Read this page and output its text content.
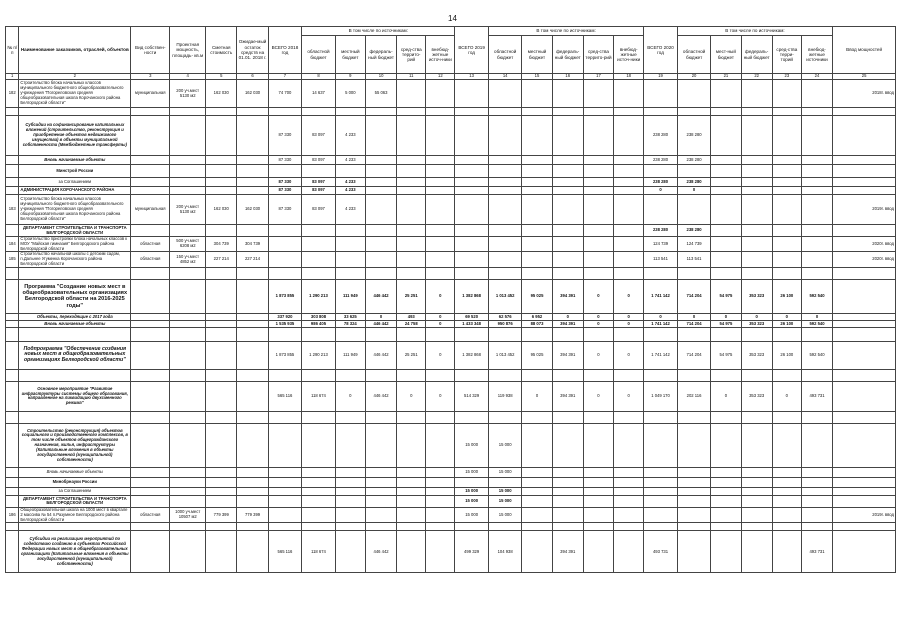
14
№ п/п	Наименование заказчиков, отраслей, объектов	Вид собствен-ности	Проектная мощность, площадь- кв.м	Сметная стоимость	Ожидае-мый остаток средств на 01.01. 2018 г.	ВСЕГО 2018 год	В том числе по источникам:					ВСЕГО 2019 год	В том числе по источникам:					ВСЕГО 2020 год	В том числе по источникам:					Ввод мощностей
							областной бюджет	местный бюджет	федераль-ный бюджет	сред-ства террито-рий	внебюд-жетные источ-ники		областной бюджет	местный бюджет	федераль-ный бюджет	сред-ства террито-рий	внебюд-жетные источ-ники		областной бюджет	мест-ный бюджет	федераль-ный бюджет	сред-ства терри-торий	внебюд-жетные источники	
1	2	3	4	5	6	7	8	9	10	11	12	13	14	15	16	17	18	19	20	21	22	23	24	25
182	Строительство блока начальных классов муниципального бюджетного общеобразовательного учреждения "Погореловская средняя общеобразовательная школа Корочанского района Белгородской области"	муниципальная	200 уч.мест 5130 м2	162 030	162 030	74 700	14 637	5 000	55 063															2018г. ввод

	Субсидии на софинансирование капитальных вложений (строительство, реконструкция и приобретение объектов недвижимого имущества) в объекты муниципальной собственности (Межбюджетные трансферты)					87 330	83 097	4 233										238 280	238 280					
	Вновь начинаемые объекты					87 330	83 097	4 233										238 280	238 280					
	Минстрой России																							
	за Соглашением					87 330	83 097	4 233										238 280	238 280					
	АДМИНИСТРАЦИЯ КОРОЧАНСКОГО РАЙОНА					87 330	83 097	4 233										0	0					
183	Строительство блока начальных классов муниципального бюджетного общеобразовательного учреждения "Погореловская средняя общеобразовательная школа Корочанского района Белгородской области"	муниципальная	200 уч.мест 5130 м2	162 030	162 030	87 330	83 097	4 233																2019г. ввод
	ДЕПАРТАМЕНТ СТРОИТЕЛЬСТВА И ТРАНСПОРТА БЕЛГОРОДСКОЙ ОБЛАСТИ																	238 280	238 280					
184	Строительство пристройки блока начальных классов к МОУ "Майская гимназия" Белгородского района Белгородской области	областная	500 уч.мест 6208 м2	304 739	304 739													124 739	124 739					2020г. ввод
185	Строительство начальной школы с детским садом, п.Дальнее Угуменка Корочанского района Белгородской области	областная	150 уч.мест 4852 м2	227 214	227 214													113 541	113 541					2020г. ввод

	Программа "Создание новых мест в общеобразовательных организациях Белгородской области на 2016-2025 годы"					1 873 855	1 290 213	111 949	446 442	25 251	0	1 382 868	1 013 452	95 025	394 391	0	0	1 741 142	714 204	54 975	353 323	26 100	592 540	
	Объекты, переходящие с 2017 года					337 920	303 808	33 625	0	493	0	69 520	62 576	6 952	0	0	0	0	0	0	0	0	0	
	Вновь начинаемые объекты					1 535 935	986 405	78 324	446 442	24 758	0	1 433 348	950 876	88 073	394 391	0	0	1 741 142	714 204	54 975	353 323	26 100	592 540	

	Подпрограмма "Обеспечение создания новых мест в общеобразовательных организациях Белгородской области"					1 873 855	1 290 213	111 949	446 442	25 251	0	1 382 868	1 013 452	95 025	394 391	0	0	1 741 142	714 204	54 975	353 323	26 100	592 540	

	Основное мероприятие "Развитие инфраструктуры системы общего образования, направленное на ликвидацию двухсменного режима"					565 116	118 674	0	446 442	0	0	514 329	119 938	0	394 391	0	0	1 049 170	202 116	0	353 323	0	493 731	

	Строительство (реконструкция) объектов социального и производственного комплексов, в том числе объектов общегражданского назначения, жилья, инфраструктуры (Капитальные вложения в объекты государственной (муниципальной) собственности)											15 000	15 000											
	Вновь начинаемые объекты											15 000	15 000											
	Минобрнауки России																							
	за Соглашением											15 000	15 000											
	ДЕПАРТАМЕНТ СТРОИТЕЛЬСТВА И ТРАНСПОРТА БЕЛГОРОДСКОЙ ОБЛАСТИ											15 000	15 000											
186	Общеобразовательная школа на 1000 мест в квартале 2 массива № 54 п.Разумное Белгородского района Белгородской области	областная	1000 уч.мест 10507 м2	779 399	779 399							15 000	15 000											2019г. ввод

	Субсидии на реализацию мероприятий по содействию созданию в субъектах Российской Федерации новых мест в общеобразовательных организациях (Капитальные вложения в объекты государственной (муниципальной) собственности)					565 116	118 674		446 442			499 329	104 938		394 391			493 731					493 731	
